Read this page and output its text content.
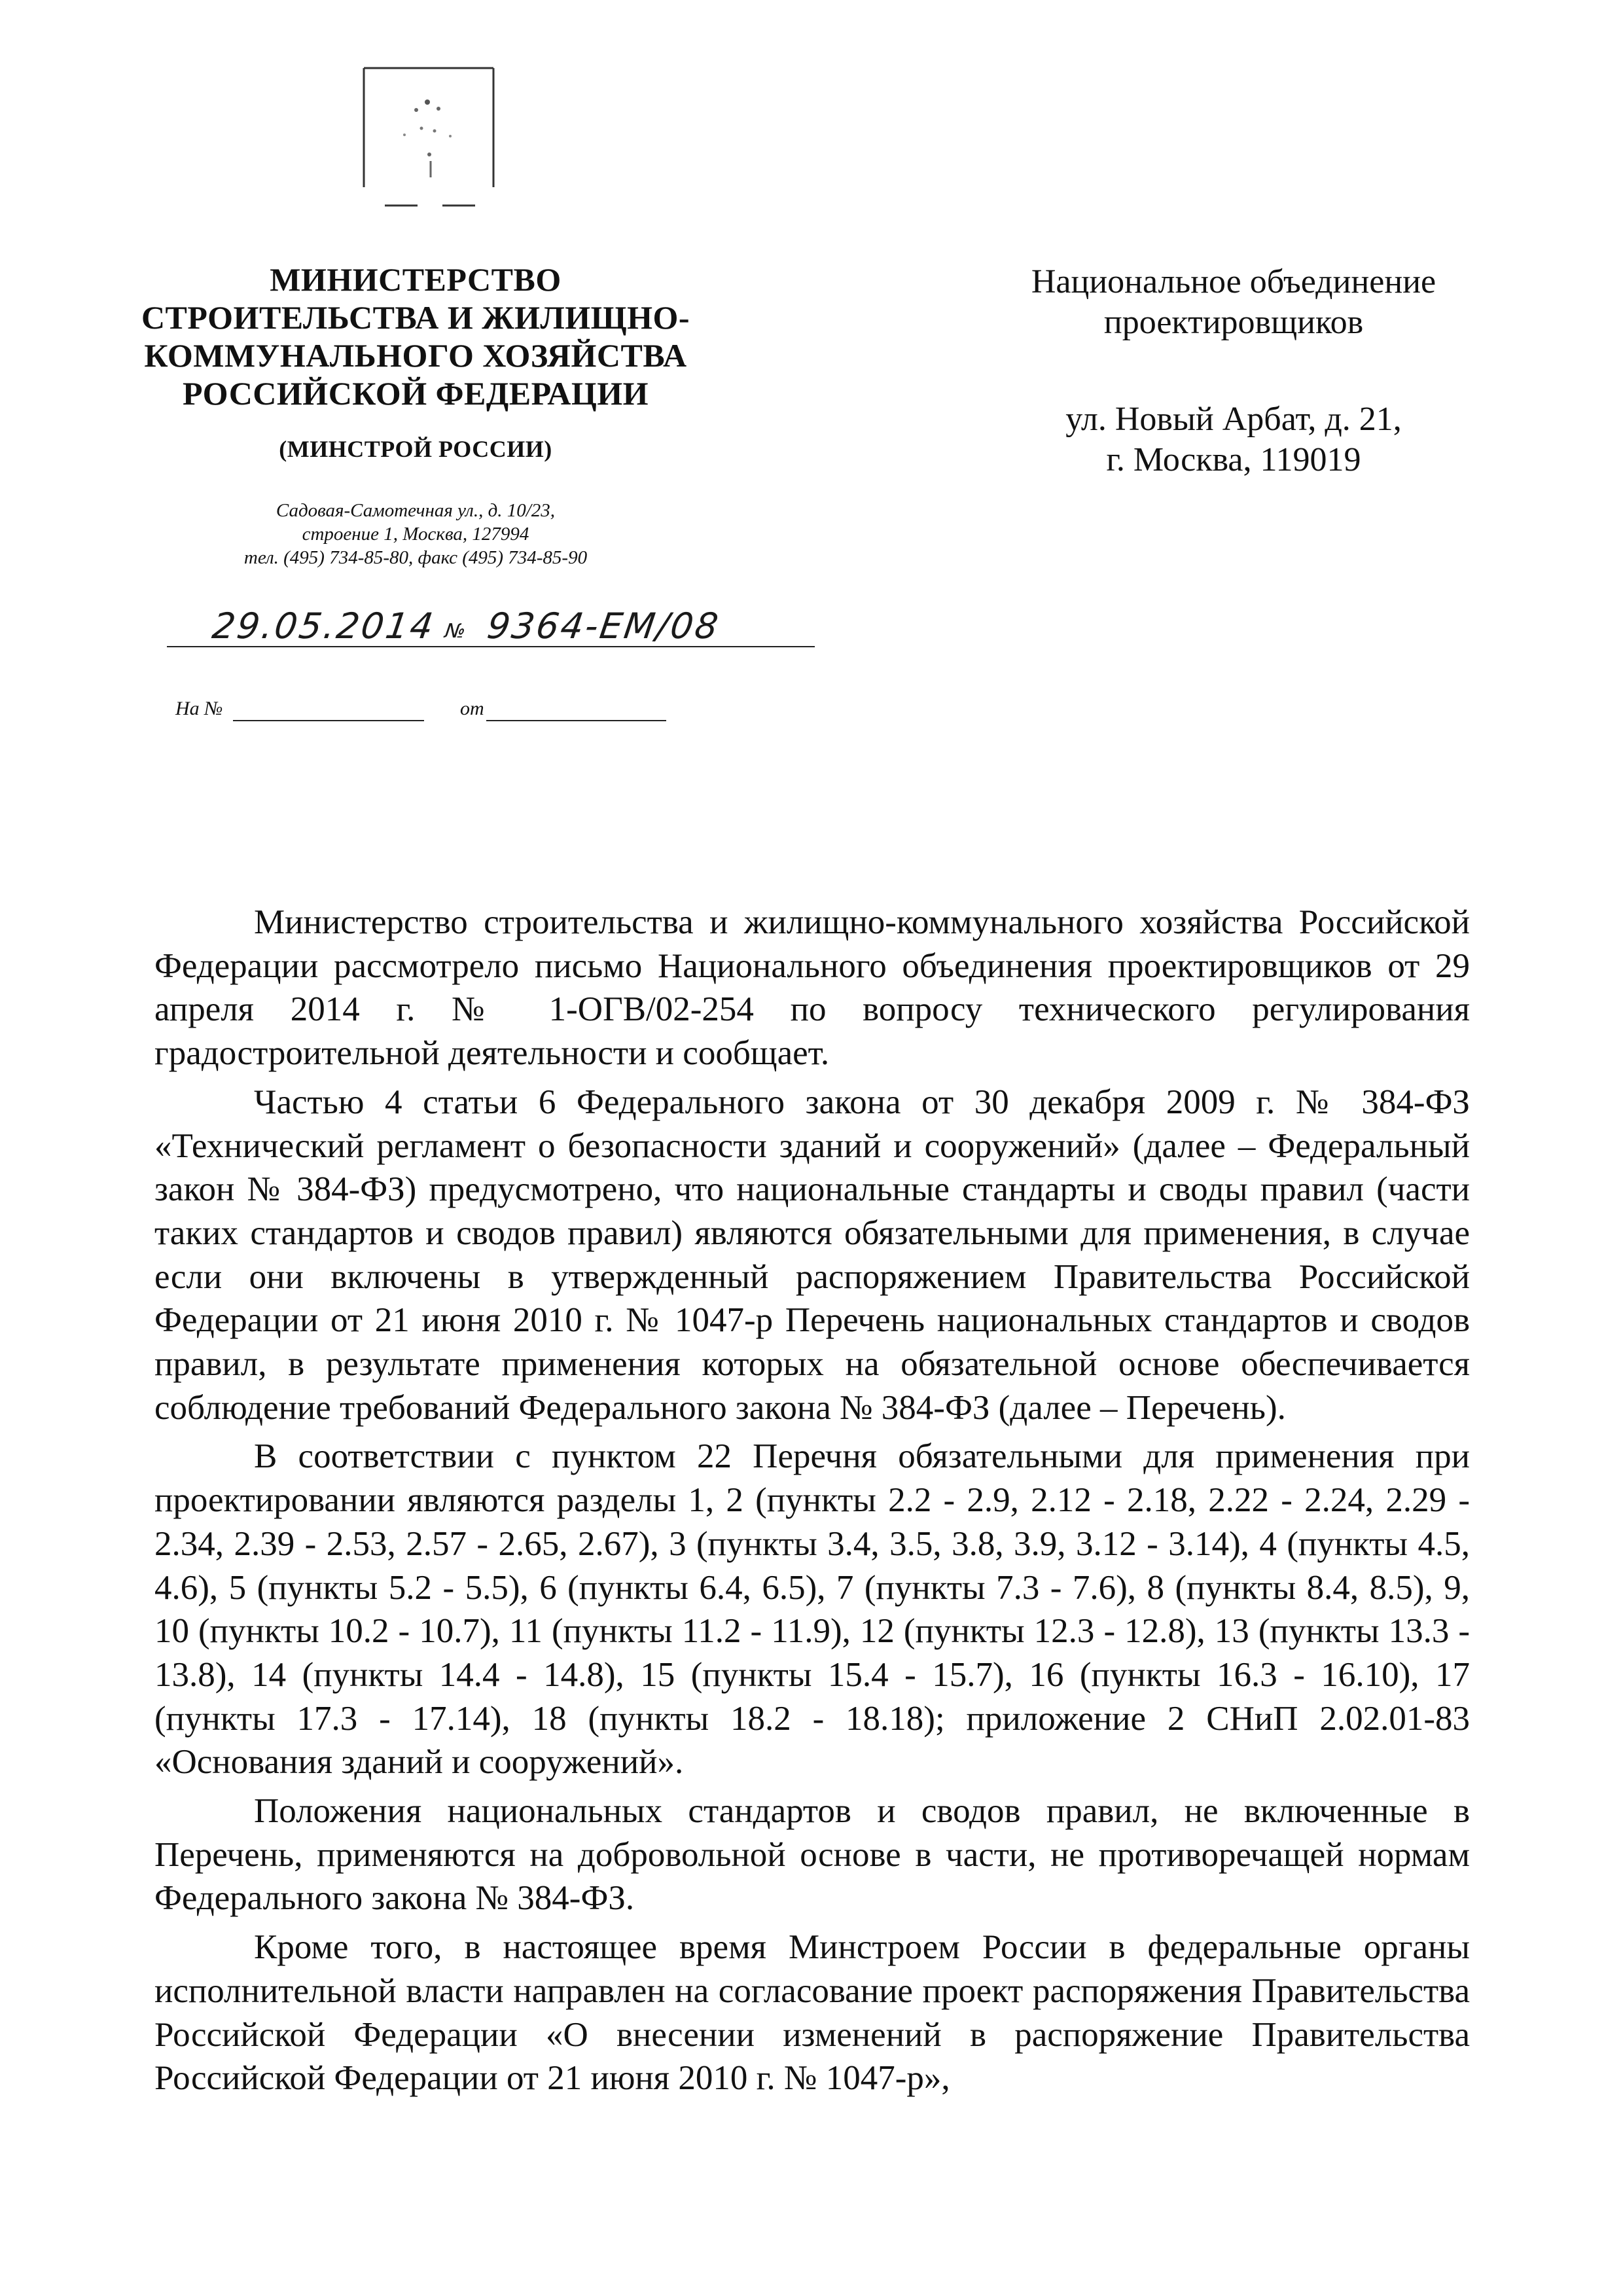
МИНИСТЕРСТВО
СТРОИТЕЛЬСТВА И ЖИЛИЩНО-
КОММУНАЛЬНОГО ХОЗЯЙСТВА
РОССИЙСКОЙ ФЕДЕРАЦИИ
(МИНСТРОЙ РОССИИ)
Садовая-Самотечная ул., д. 10/23,
строение 1, Москва, 127994
тел. (495) 734-85-80, факс (495) 734-85-90
29.05.2014 № 9364-ЕМ/08
На №	от
Национальное объединение
проектировщиков
ул. Новый Арбат, д. 21,
г. Москва, 119019

Министерство строительства и жилищно-коммунального хозяйства Российской Федерации рассмотрело письмо Национального объединения проектировщиков от 29 апреля 2014 г. № 1-ОГВ/02-254 по вопросу технического регулирования градостроительной деятельности и сообщает.

Частью 4 статьи 6 Федерального закона от 30 декабря 2009 г. № 384-ФЗ «Технический регламент о безопасности зданий и сооружений» (далее – Федеральный закон № 384-ФЗ) предусмотрено, что национальные стандарты и своды правил (части таких стандартов и сводов правил) являются обязательными для применения, в случае если они включены в утвержденный распоряжением Правительства Российской Федерации от 21 июня 2010 г. № 1047-р Перечень национальных стандартов и сводов правил, в результате применения которых на обязательной основе обеспечивается соблюдение требований Федерального закона № 384-ФЗ (далее – Перечень).

В соответствии с пунктом 22 Перечня обязательными для применения при проектировании являются разделы 1, 2 (пункты 2.2 - 2.9, 2.12 - 2.18, 2.22 - 2.24, 2.29 - 2.34, 2.39 - 2.53, 2.57 - 2.65, 2.67), 3 (пункты 3.4, 3.5, 3.8, 3.9, 3.12 - 3.14), 4 (пункты 4.5, 4.6), 5 (пункты 5.2 - 5.5), 6 (пункты 6.4, 6.5), 7 (пункты 7.3 - 7.6), 8 (пункты 8.4, 8.5), 9, 10 (пункты 10.2 - 10.7), 11 (пункты 11.2 - 11.9), 12 (пункты 12.3 - 12.8), 13 (пункты 13.3 - 13.8), 14 (пункты 14.4 - 14.8), 15 (пункты 15.4 - 15.7), 16 (пункты 16.3 - 16.10), 17 (пункты 17.3 - 17.14), 18 (пункты 18.2 - 18.18); приложение 2 СНиП 2.02.01-83 «Основания зданий и сооружений».

Положения национальных стандартов и сводов правил, не включенные в Перечень, применяются на добровольной основе в части, не противоречащей нормам Федерального закона № 384-ФЗ.

Кроме того, в настоящее время Минстроем России в федеральные органы исполнительной власти направлен на согласование проект распоряжения Правительства Российской Федерации «О внесении изменений в распоряжение Правительства Российской Федерации от 21 июня 2010 г. № 1047-р»,
